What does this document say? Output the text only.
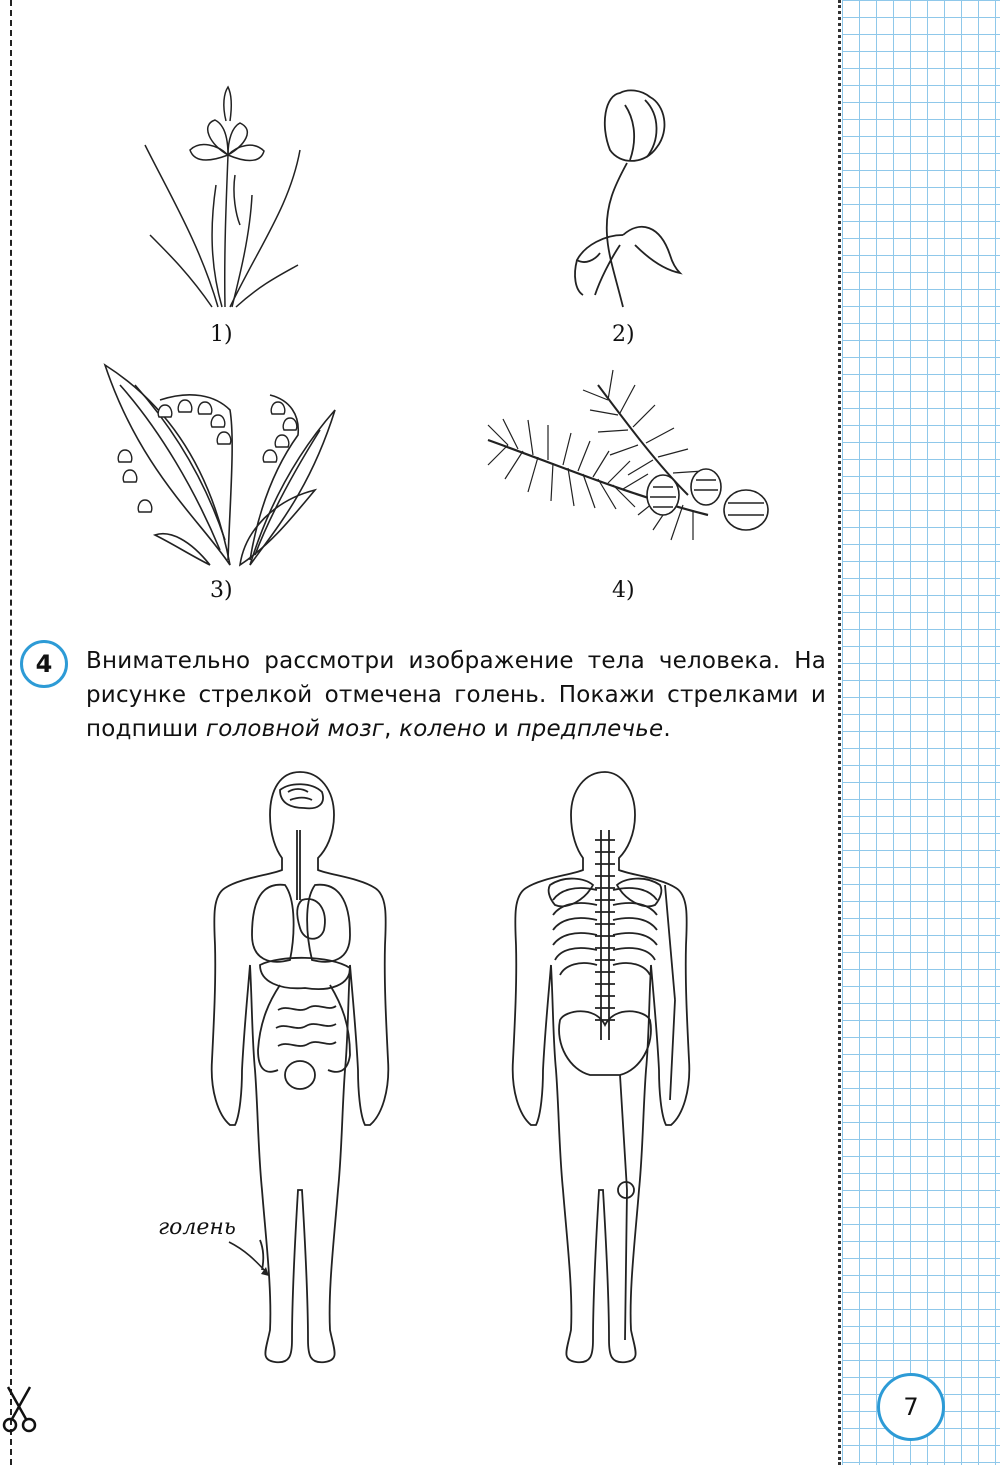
1)	2)
3)	4)
4	Внимательно рассмотри изображение тела человека. На рисунке стрелкой отмечена голень. Покажи стрелками и подпиши головной мозг, колено и предплечье.
голень
7
